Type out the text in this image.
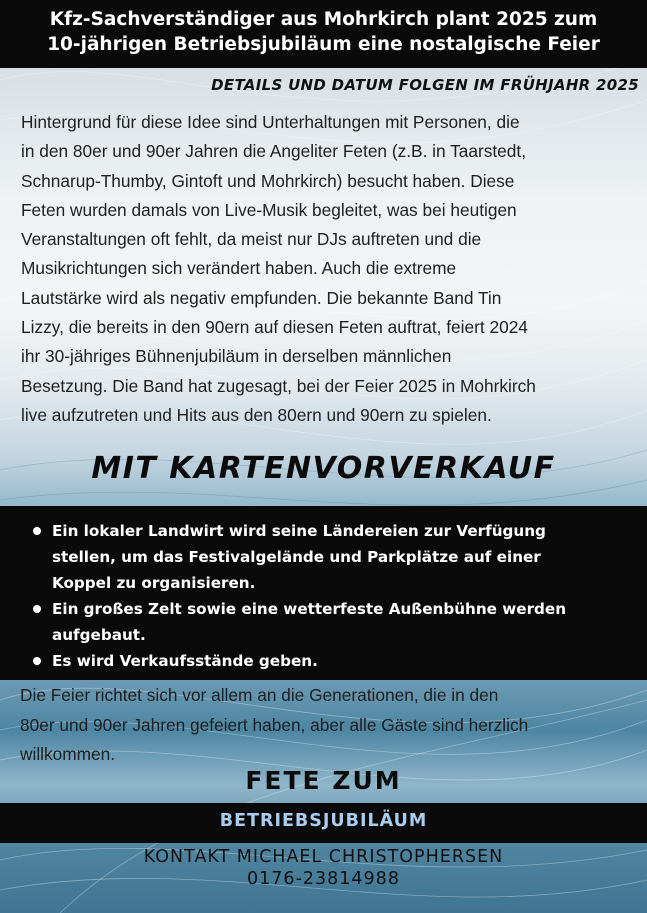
Kfz-Sachverständiger aus Mohrkirch plant 2025 zum
10-jährigen Betriebsjubiläum eine nostalgische Feier
DETAILS UND DATUM FOLGEN IM FRÜHJAHR 2025
Hintergrund für diese Idee sind Unterhaltungen mit Personen, die
in den 80er und 90er Jahren die Angeliter Feten (z.B. in Taarstedt,
Schnarup-Thumby, Gintoft und Mohrkirch) besucht haben. Diese
Feten wurden damals von Live-Musik begleitet, was bei heutigen
Veranstaltungen oft fehlt, da meist nur DJs auftreten und die
Musikrichtungen sich verändert haben. Auch die extreme
Lautstärke wird als negativ empfunden. Die bekannte Band Tin
Lizzy, die bereits in den 90ern auf diesen Feten auftrat, feiert 2024
ihr 30-jähriges Bühnenjubiläum in derselben männlichen
Besetzung. Die Band hat zugesagt, bei der Feier 2025 in Mohrkirch
live aufzutreten und Hits aus den 80ern und 90ern zu spielen.
MIT KARTENVORVERKAUF
Ein lokaler Landwirt wird seine Ländereien zur Verfügung
stellen, um das Festivalgelände und Parkplätze auf einer
Koppel zu organisieren.
Ein großes Zelt sowie eine wetterfeste Außenbühne werden
aufgebaut.
Es wird Verkaufsstände geben.
Die Feier richtet sich vor allem an die Generationen, die in den
80er und 90er Jahren gefeiert haben, aber alle Gäste sind herzlich
willkommen.
FETE ZUM
BETRIEBSJUBILÄUM
KONTAKT MICHAEL CHRISTOPHERSEN
0176-23814988
